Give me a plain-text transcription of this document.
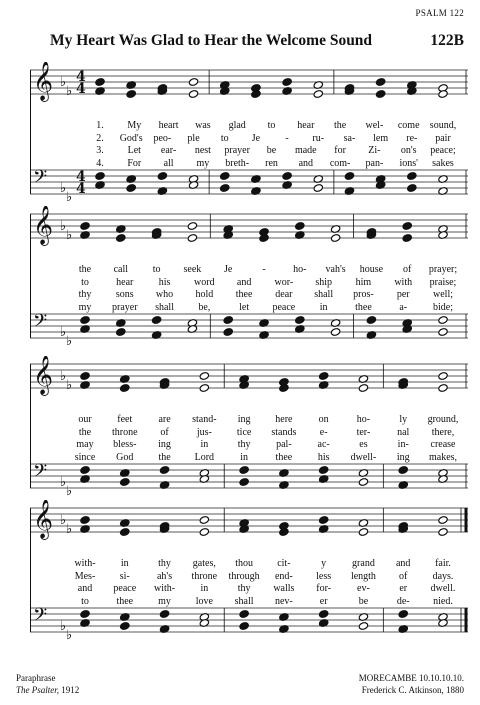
PSALM 122
My Heart Was Glad to Hear the Welcome Sound	122B
𝄞
𝄢
♭
♭
♭
♭
4
4
4
4
1. My heart was glad to hear the wel- come sound,
2. God's peo- ple to Je	- ru- sa- lem re- pair
3. Let ear- nest prayer be made for Zi- on's peace;
4. For all my breth- ren and com- pan- ions' sakes
𝄞
𝄢
♭
♭
♭
♭
the call to seek Je	-	ho- vah's house of prayer;
to	hear	his word and wor- ship him with praise;
thy sons who hold thee dear shall pros- per well;
my prayer shall be,	let peace in	thee	a-	bide;
𝄞
𝄢
♭
♭
♭
♭
our	feet	are stand- ing here	on	ho-	ly ground,
the throne of	jus-	tice stands e-	ter-	nal there,
may bless- ing	in	thy	pal-	ac-	es	in- crease
since God	the Lord	in	thee	his dwell- ing makes,
𝄞
𝄢
♭
♭
♭
♭
with-	in	thy gates, thou cit-	y	grand and fair.
Mes- si-	ah's throne through end- less length of	days.
and peace with-	in	thy walls for-	ev-	er dwell.
to	thee	my love shall nev-	er	be	de- nied.
Paraphrase
The Psalter, 1912
MORECAMBE 10.10.10.10.
Frederick C. Atkinson, 1880
